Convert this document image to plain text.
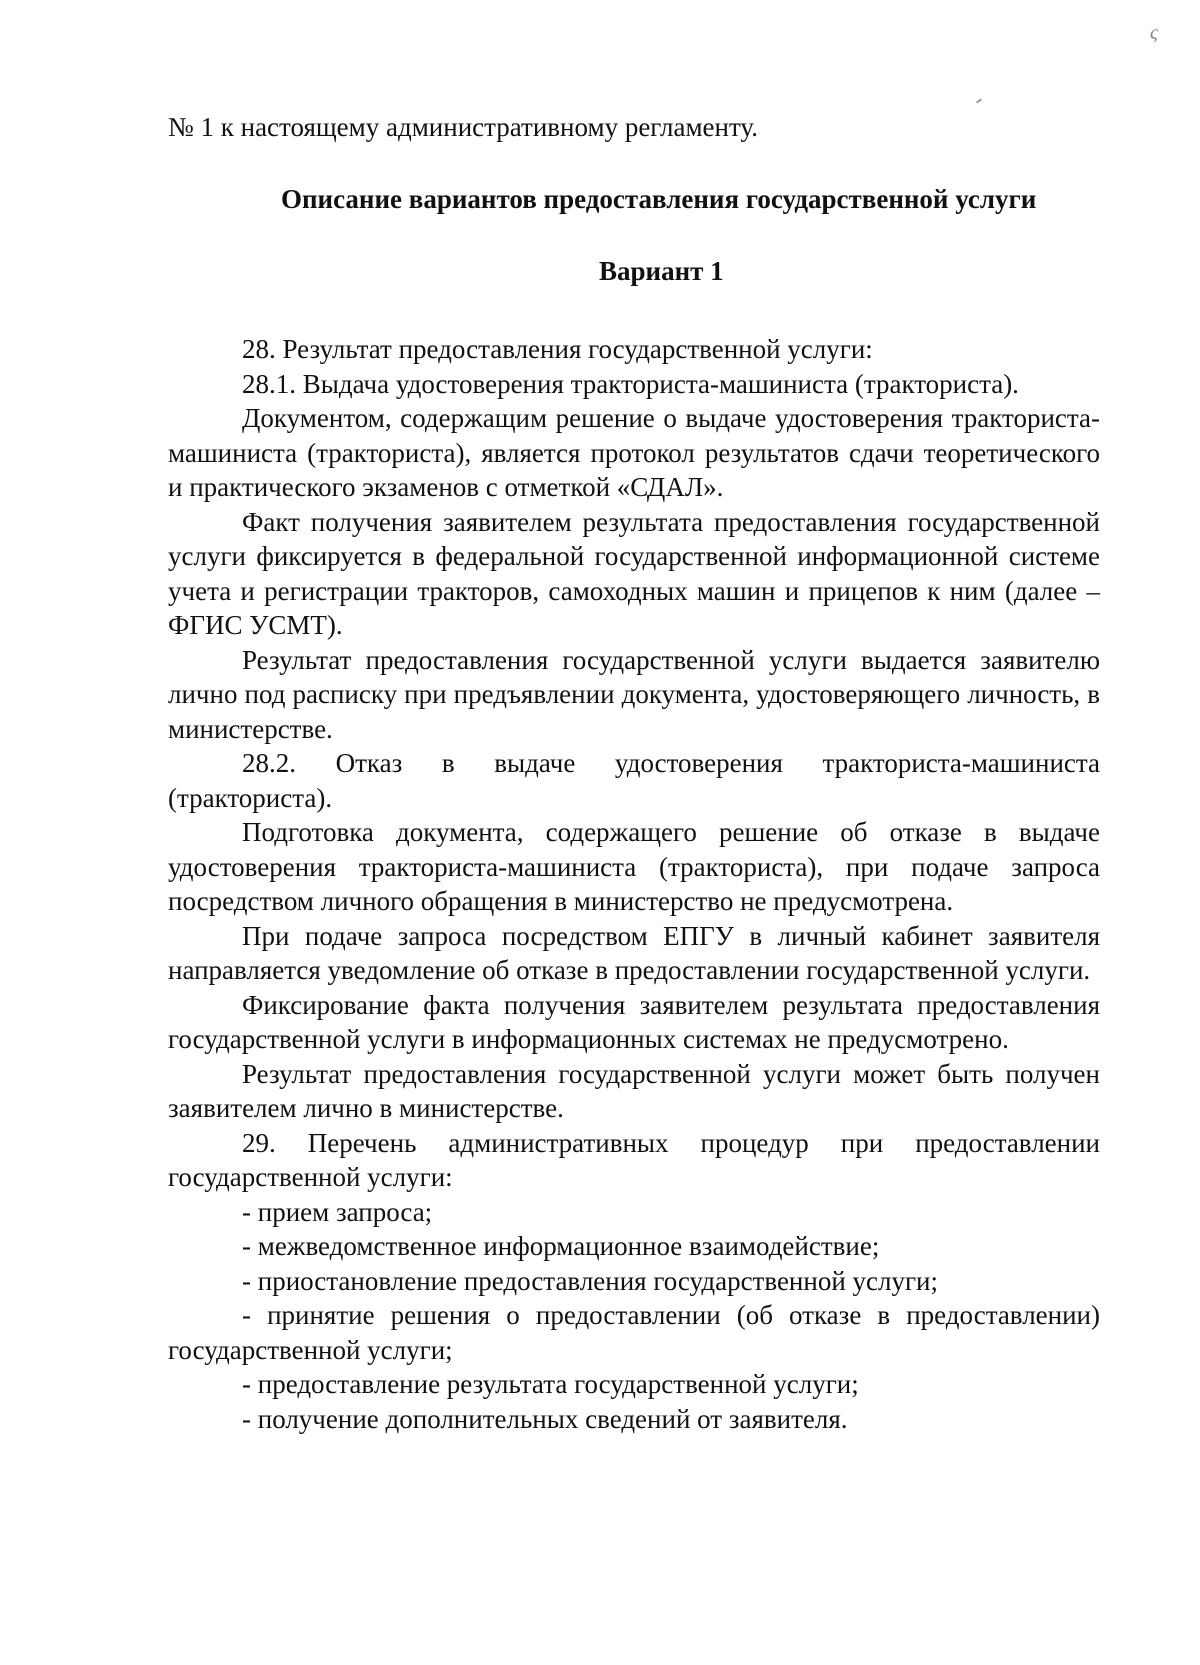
ς

№ 1 к настоящему административному регламенту.

Описание вариантов предоставления государственной услуги
Вариант 1

28. Результат предоставления государственной услуги:

28.1. Выдача удостоверения тракториста-машиниста (тракториста).

Документом, содержащим решение о выдаче удостоверения тракториста-машиниста (тракториста), является протокол результатов сдачи теоретического и практического экзаменов с отметкой «СДАЛ».

Факт получения заявителем результата предоставления государственной услуги фиксируется в федеральной государственной информационной системе учета и регистрации тракторов, самоходных машин и прицепов к ним (далее – ФГИС УСМТ).

Результат предоставления государственной услуги выдается заявителю лично под расписку при предъявлении документа, удостоверяющего личность, в министерстве.

28.2. Отказ в выдаче удостоверения тракториста-машиниста (тракториста).

Подготовка документа, содержащего решение об отказе в выдаче удостоверения тракториста-машиниста (тракториста), при подаче запроса посредством личного обращения в министерство не предусмотрена.

При подаче запроса посредством ЕПГУ в личный кабинет заявителя направляется уведомление об отказе в предоставлении государственной услуги.

Фиксирование факта получения заявителем результата предоставления государственной услуги в информационных системах не предусмотрено.

Результат предоставления государственной услуги может быть получен заявителем лично в министерстве.

29. Перечень административных процедур при предоставлении государственной услуги:

- прием запроса;

- межведомственное информационное взаимодействие;

- приостановление предоставления государственной услуги;

- принятие решения о предоставлении (об отказе в предоставлении) государственной услуги;

- предоставление результата государственной услуги;

- получение дополнительных сведений от заявителя.
